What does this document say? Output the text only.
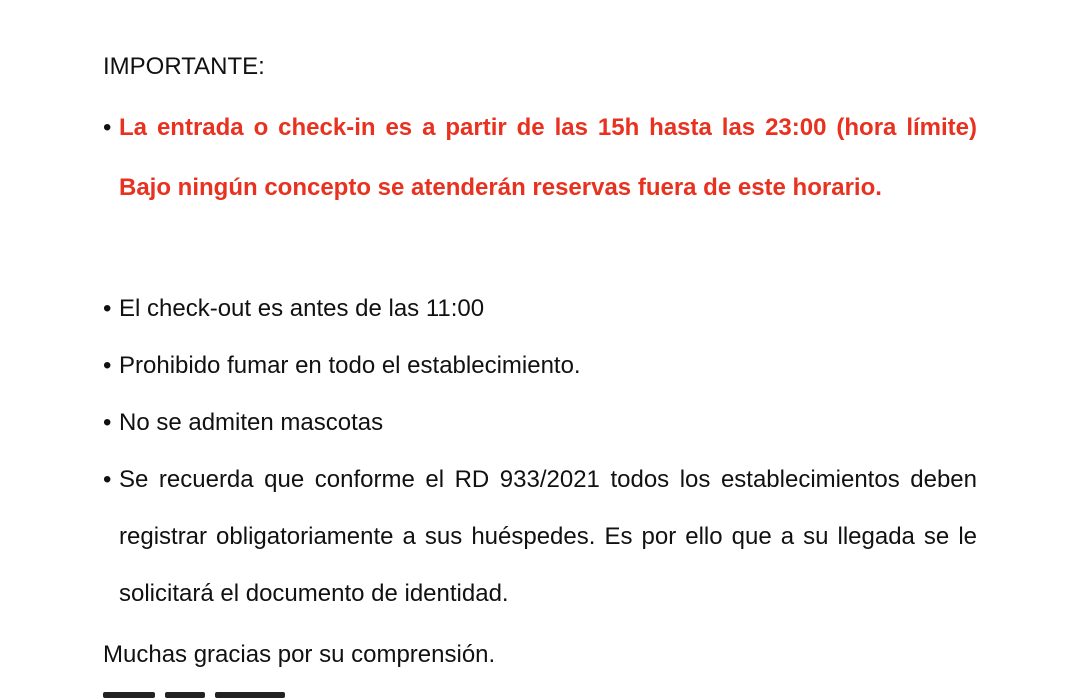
IMPORTANTE:
• La entrada o check-in es a partir de las 15h hasta las 23:00 (hora límite) Bajo ningún concepto se atenderán reservas fuera de este horario.
• El check-out es antes de las 11:00
• Prohibido fumar en todo el establecimiento.
• No se admiten mascotas
• Se recuerda que conforme el RD 933/2021 todos los establecimientos deben registrar obligatoriamente a sus huéspedes. Es por ello que a su llegada se le solicitará el documento de identidad.
Muchas gracias por su comprensión.
